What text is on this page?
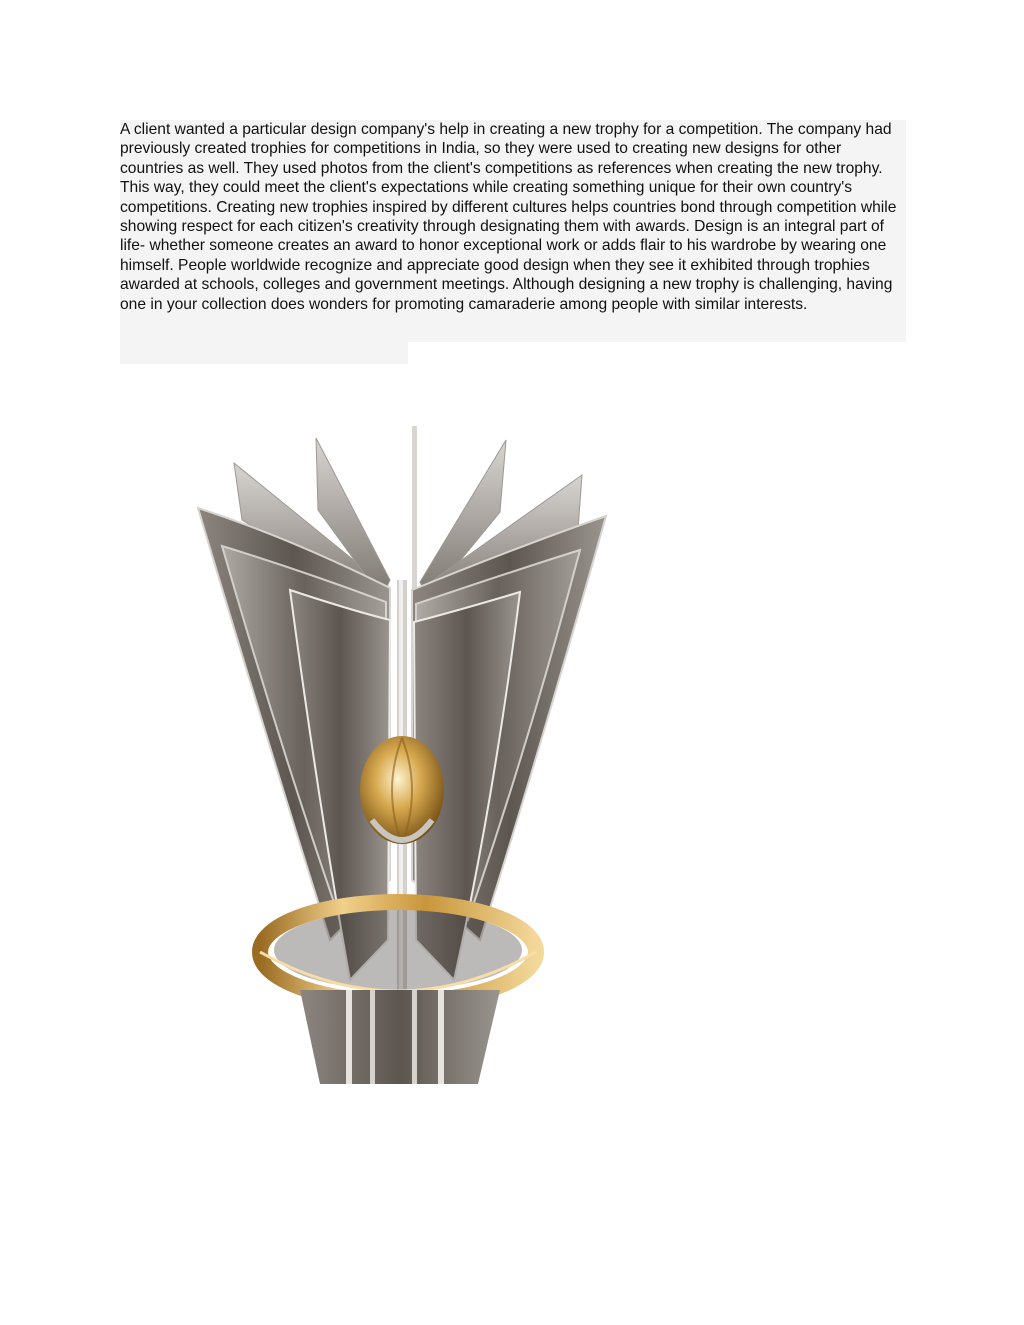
A client wanted a particular design company's help in creating a new trophy for a competition. The company had previously created trophies for competitions in India, so they were used to creating new designs for other countries as well. They used photos from the client's competitions as references when creating the new trophy. This way, they could meet the client's expectations while creating something unique for their own country's competitions. Creating new trophies inspired by different cultures helps countries bond through competition while showing respect for each citizen's creativity through designating them with awards. Design is an integral part of life- whether someone creates an award to honor exceptional work or adds flair to his wardrobe by wearing one himself. People worldwide recognize and appreciate good design when they see it exhibited through trophies awarded at schools, colleges and government meetings. Although designing a new trophy is challenging, having one in your collection does wonders for promoting camaraderie among people with similar interests.
